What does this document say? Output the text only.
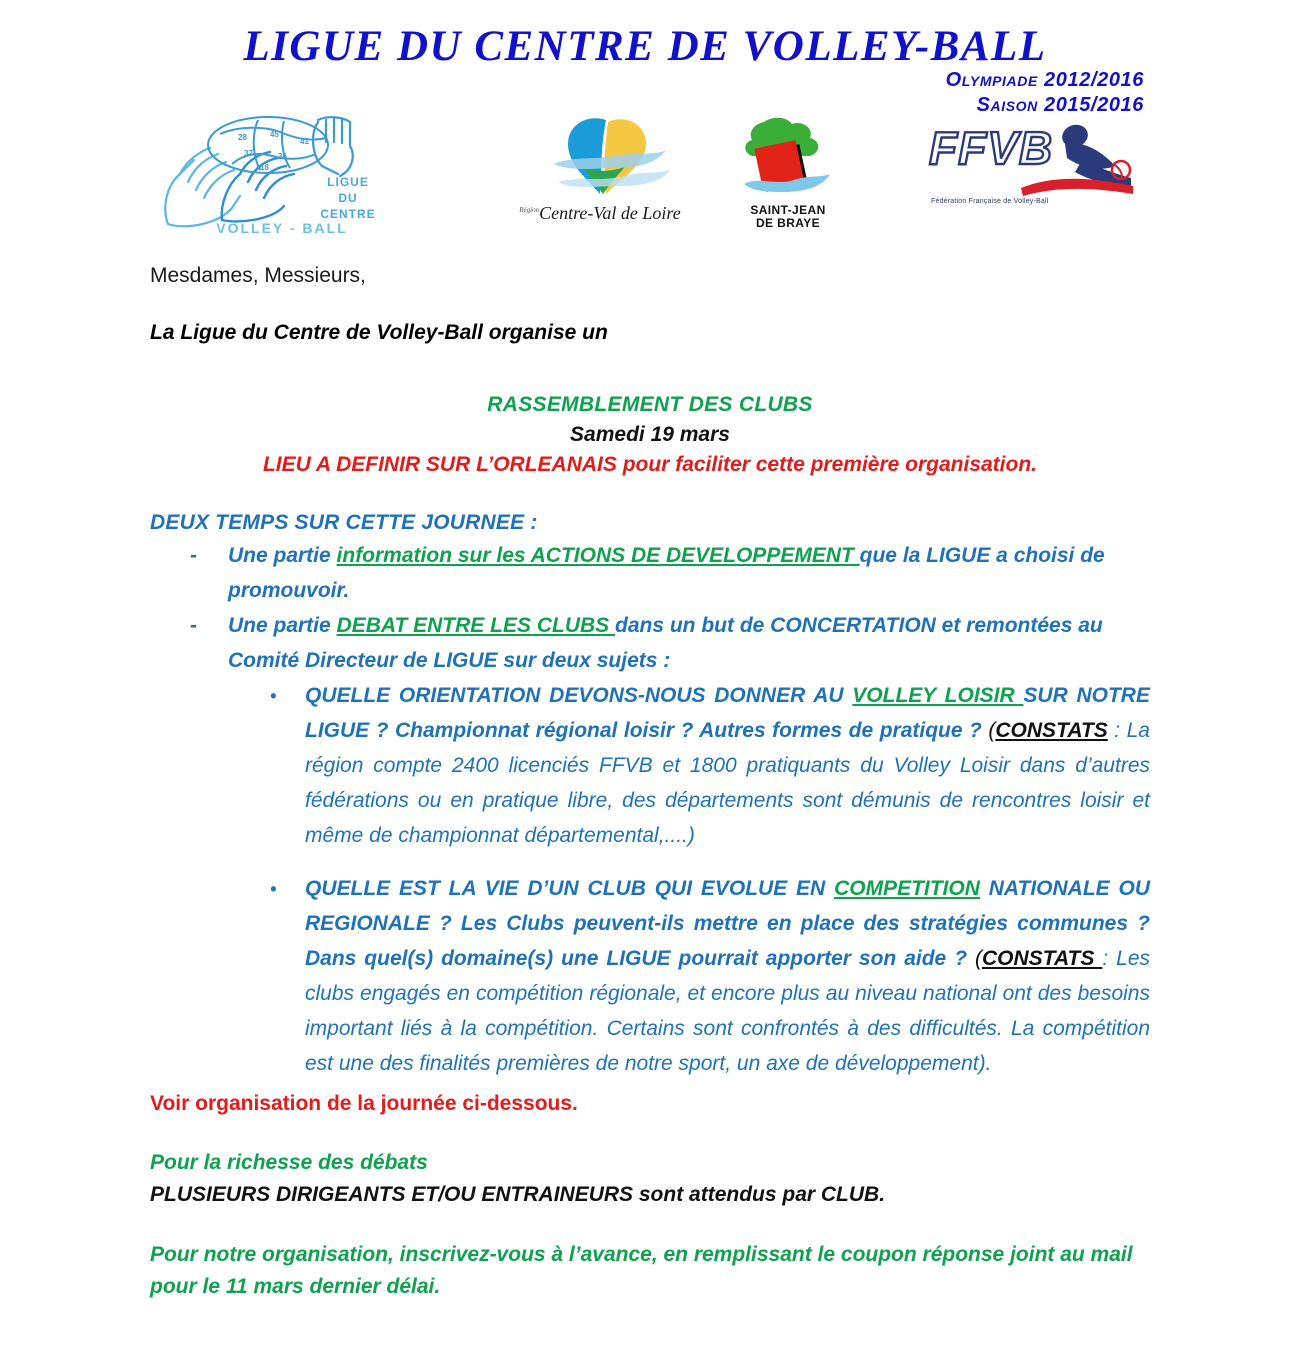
LIGUE DU CENTRE DE VOLLEY-BALL
Olympiade 2012/2016
Saison 2015/2016
28	45
41
37	36
18
LIGUE
DU
CENTRE
VOLLEY - BALL
$^{Région}$Centre-Val de Loire	SAINT-JEAN
DE BRAYE
FFVB
Fédération Française de Volley-Ball

Mesdames, Messieurs,

La Ligue du Centre de Volley-Ball organise un

RASSEMBLEMENT DES CLUBS

Samedi 19 mars

LIEU A DEFINIR SUR L’ORLEANAIS pour faciliter cette première organisation.

DEUX TEMPS SUR CETTE JOURNEE :

- Une partie information sur les ACTIONS DE DEVELOPPEMENT que la LIGUE a choisi de promouvoir.
- Une partie DEBAT ENTRE LES CLUBS dans un but de CONCERTATION et remontées au Comité Directeur de LIGUE sur deux sujets :
• QUELLE ORIENTATION DEVONS-NOUS DONNER AU VOLLEY LOISIR SUR NOTRE LIGUE ? Championnat régional loisir ? Autres formes de pratique ? (CONSTATS : La région compte 2400 licenciés FFVB et 1800 pratiquants du Volley Loisir dans d’autres fédérations ou en pratique libre, des départements sont démunis de rencontres loisir et même de championnat départemental,....)
• QUELLE EST LA VIE D’UN CLUB QUI EVOLUE EN COMPETITION NATIONALE OU REGIONALE ? Les Clubs peuvent-ils mettre en place des stratégies communes ? Dans quel(s) domaine(s) une LIGUE pourrait apporter son aide ? (CONSTATS : Les clubs engagés en compétition régionale, et encore plus au niveau national ont des besoins important liés à la compétition. Certains sont confrontés à des difficultés. La compétition est une des finalités premières de notre sport, un axe de développement).

Voir organisation de la journée ci-dessous.

Pour la richesse des débats

PLUSIEURS DIRIGEANTS ET/OU ENTRAINEURS sont attendus par CLUB.

Pour notre organisation, inscrivez-vous à l’avance, en remplissant le coupon réponse joint au mail pour le 11 mars dernier délai.
